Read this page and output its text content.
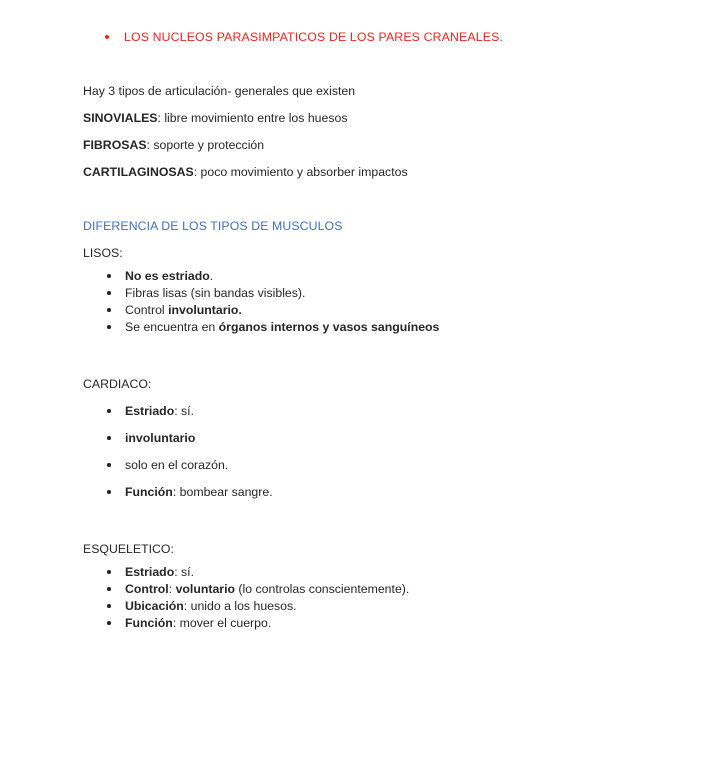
LOS NUCLEOS PARASIMPATICOS DE LOS PARES CRANEALES.

Hay 3 tipos de articulación- generales que existen

SINOVIALES: libre movimiento entre los huesos

FIBROSAS: soporte y protección

CARTILAGINOSAS: poco movimiento y absorber impactos

DIFERENCIA DE LOS TIPOS DE MUSCULOS

LISOS:

No es estriado.
Fibras lisas (sin bandas visibles).
Control involuntario.
Se encuentra en órganos internos y vasos sanguíneos

CARDIACO:

Estriado: sí.
involuntario
solo en el corazón.
Función: bombear sangre.

ESQUELETICO:

Estriado: sí.
Control: voluntario (lo controlas conscientemente).
Ubicación: unido a los huesos.
Función: mover el cuerpo.
